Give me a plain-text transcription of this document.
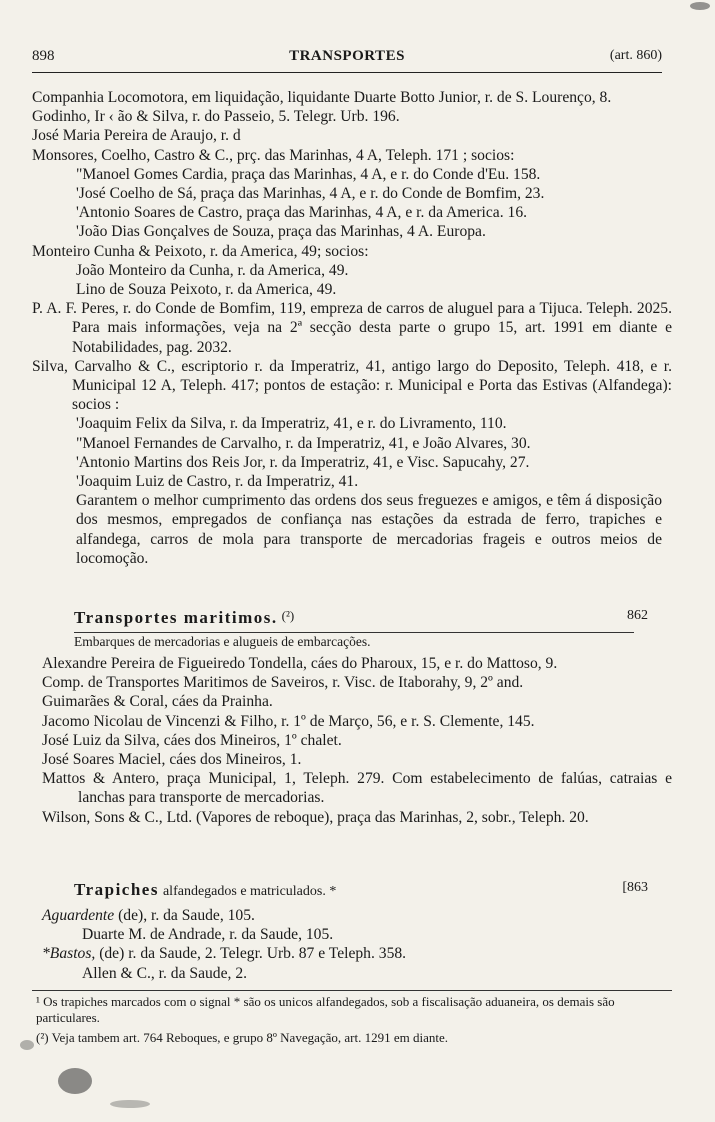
898	TRANSPORTES	(art. 860)

Companhia Locomotora, em liquidação, liquidante Duarte Botto Junior, r. de S. Lourenço, 8.

Godinho, Ir ‹ ão & Silva, r. do Passeio, 5. Telegr. Urb. 196.

José Maria Pereira de Araujo, r. d

Monsores, Coelho, Castro & C., prç. das Marinhas, 4 A, Teleph. 171 ; socios:

"Manoel Gomes Cardia, praça das Marinhas, 4 A, e r. do Conde d'Eu. 158.

'José Coelho de Sá, praça das Marinhas, 4 A, e r. do Conde de Bomfim, 23.

'Antonio Soares de Castro, praça das Marinhas, 4 A, e r. da America. 16.

'João Dias Gonçalves de Souza, praça das Marinhas, 4 A. Europa.

Monteiro Cunha & Peixoto, r. da America, 49; socios:

João Monteiro da Cunha, r. da America, 49.

Lino de Souza Peixoto, r. da America, 49.

P. A. F. Peres, r. do Conde de Bomfim, 119, empreza de carros de aluguel para a Tijuca. Teleph. 2025. Para mais informações, veja na 2ª secção desta parte o grupo 15, art. 1991 em diante e Notabilidades, pag. 2032.

Silva, Carvalho & C., escriptorio r. da Imperatriz, 41, antigo largo do Deposito, Teleph. 418, e r. Municipal 12 A, Teleph. 417; pontos de estação: r. Municipal e Porta das Estivas (Alfandega): socios :

'Joaquim Felix da Silva, r. da Imperatriz, 41, e r. do Livramento, 110.

"Manoel Fernandes de Carvalho, r. da Imperatriz, 41, e João Alvares, 30.

'Antonio Martins dos Reis Jor, r. da Imperatriz, 41, e Visc. Sapucahy, 27.

'Joaquim Luiz de Castro, r. da Imperatriz, 41.

Garantem o melhor cumprimento das ordens dos seus freguezes e amigos, e têm á disposição dos mesmos, empregados de confiança nas estações da estrada de ferro, trapiches e alfandega, carros de mola para transporte de mercadorias frageis e outros meios de locomoção.

Transportes maritimos. $^{(^2)}$	862
Embarques de mercadorias e alugueis de embarcações.

Alexandre Pereira de Figueiredo Tondella, cáes do Pharoux, 15, e r. do Mattoso, 9.

Comp. de Transportes Maritimos de Saveiros, r. Visc. de Itaborahy, 9, 2º and.

Guimarães & Coral, cáes da Prainha.

Jacomo Nicolau de Vincenzi & Filho, r. 1º de Março, 56, e r. S. Clemente, 145.

José Luiz da Silva, cáes dos Mineiros, 1º chalet.

José Soares Maciel, cáes dos Mineiros, 1.

Mattos & Antero, praça Municipal, 1, Teleph. 279. Com estabelecimento de falúas, catraias e lanchas para transporte de mercadorias.

Wilson, Sons & C., Ltd. (Vapores de reboque), praça das Marinhas, 2, sobr., Teleph. 20.

Trapiches alfandegados e matriculados. *	[863

Aguardente (de), r. da Saude, 105.

Duarte M. de Andrade, r. da Saude, 105.

*Bastos, (de) r. da Saude, 2. Telegr. Urb. 87 e Teleph. 358.

Allen & C., r. da Saude, 2.

¹ Os trapiches marcados com o signal * são os unicos alfandegados, sob a fiscalisação aduaneira, os demais são particulares.

(²) Veja tambem art. 764 Reboques, e grupo 8º Navegação, art. 1291 em diante.
